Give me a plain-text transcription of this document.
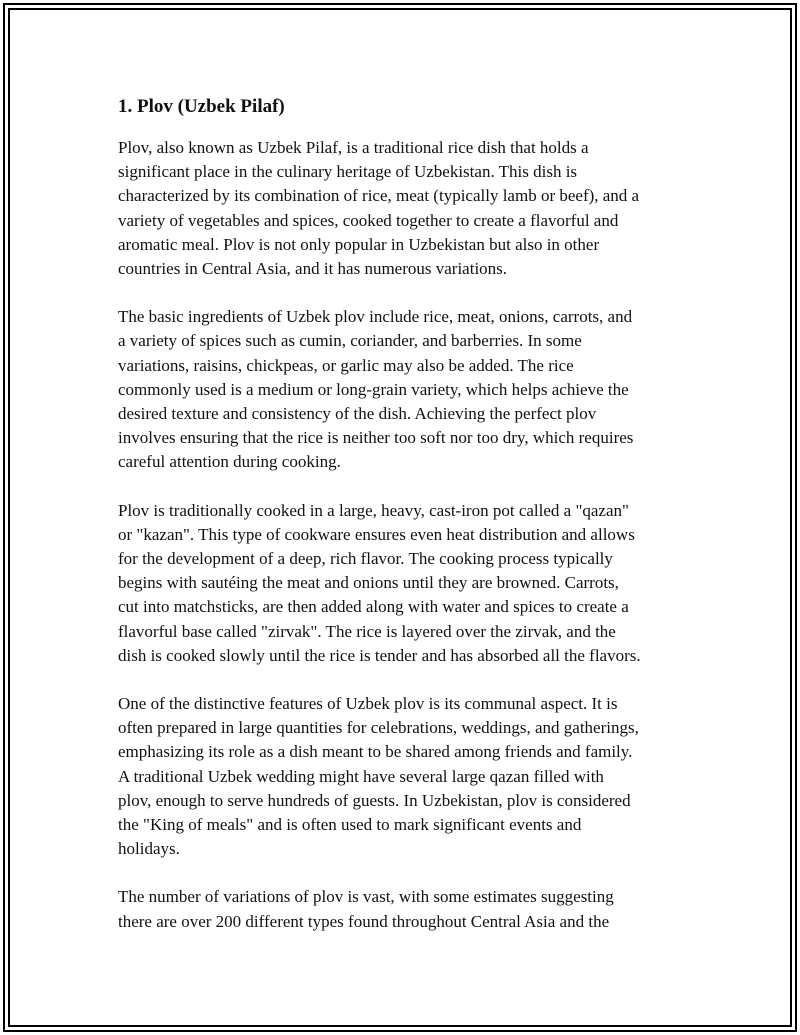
1. Plov (Uzbek Pilaf)

Plov, also known as Uzbek Pilaf, is a traditional rice dish that holds a
significant place in the culinary heritage of Uzbekistan. This dish is
characterized by its combination of rice, meat (typically lamb or beef), and a
variety of vegetables and spices, cooked together to create a flavorful and
aromatic meal. Plov is not only popular in Uzbekistan but also in other
countries in Central Asia, and it has numerous variations.

The basic ingredients of Uzbek plov include rice, meat, onions, carrots, and
a variety of spices such as cumin, coriander, and barberries. In some
variations, raisins, chickpeas, or garlic may also be added. The rice
commonly used is a medium or long-grain variety, which helps achieve the
desired texture and consistency of the dish. Achieving the perfect plov
involves ensuring that the rice is neither too soft nor too dry, which requires
careful attention during cooking.

Plov is traditionally cooked in a large, heavy, cast-iron pot called a "qazan"
or "kazan". This type of cookware ensures even heat distribution and allows
for the development of a deep, rich flavor. The cooking process typically
begins with sautéing the meat and onions until they are browned. Carrots,
cut into matchsticks, are then added along with water and spices to create a
flavorful base called "zirvak". The rice is layered over the zirvak, and the
dish is cooked slowly until the rice is tender and has absorbed all the flavors.

One of the distinctive features of Uzbek plov is its communal aspect. It is
often prepared in large quantities for celebrations, weddings, and gatherings,
emphasizing its role as a dish meant to be shared among friends and family.
A traditional Uzbek wedding might have several large qazan filled with
plov, enough to serve hundreds of guests. In Uzbekistan, plov is considered
the "King of meals" and is often used to mark significant events and
holidays.

The number of variations of plov is vast, with some estimates suggesting
there are over 200 different types found throughout Central Asia and the
